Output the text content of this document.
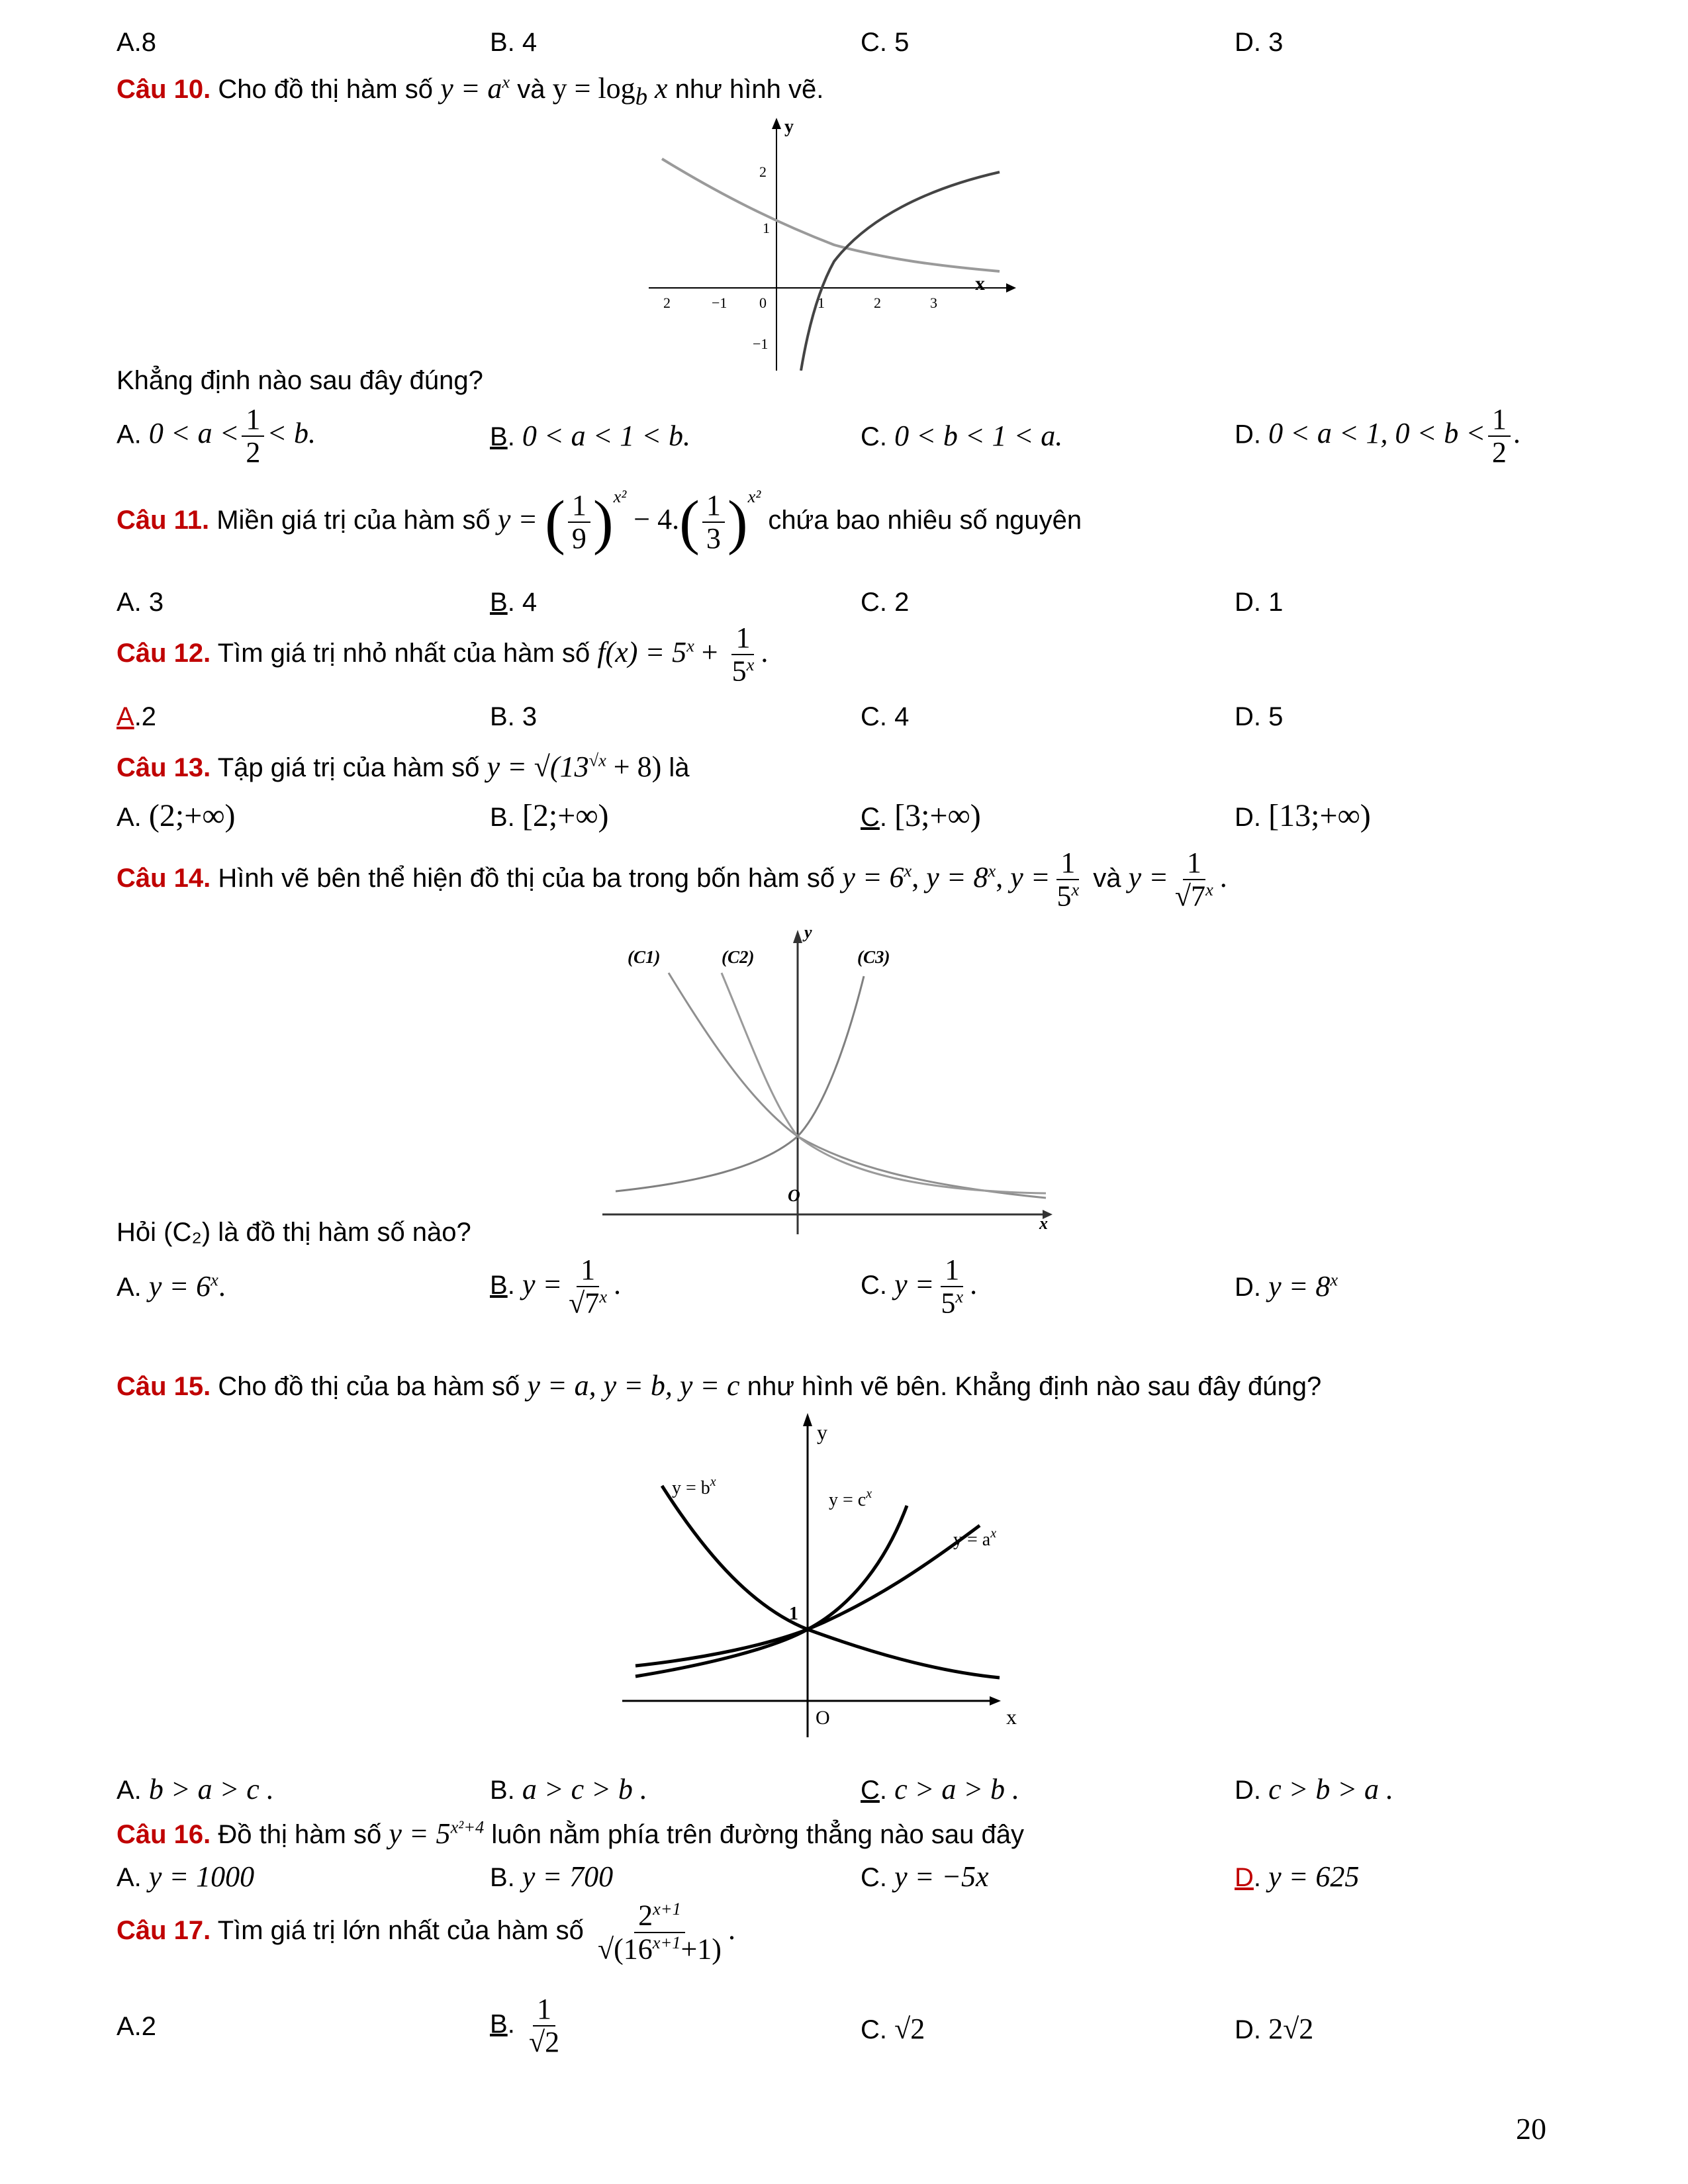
A.8	B. 4	C. 5	D. 3
Câu 10. Cho đồ thị hàm số $y = a^x$ và $y = \log_b x$ như hình vẽ.
y
x
2	−1 0	1	2	3
2
1
−1
Khẳng định nào sau đây đúng?
A. $0 < a < \frac{1}{2} < b$.	B. 0 < a < 1 < b.	C. 0 < b < 1 < a.	D. 0 < a < 1, $0 < b < \frac{1}{2}$ .
Câu 11. Miền giá trị của hàm số y = ( $\frac{1}{9} )^{x^2} - 4.( \frac{1}{3} )^{x^2}$ chứa bao nhiêu số nguyên
A. 3	B. 4	C. 2	D. 1
Câu 12. Tìm giá trị nhỏ nhất của hàm số $f(x) = 5^x + \frac{1}{5^x}$ .
A.2	B. 3	C. 4	D. 5
Câu 13. Tập giá trị của hàm số $y = √(13^{√x} + 8)$ là
A. (2;+∞)	B. [2;+∞)	C. [3;+∞)	D. [13;+∞)
Câu 14. Hình vẽ bên thể hiện đồ thị của ba trong bốn hàm số $y = 6^x$, $y = 8^x$, $y = \frac{1}{5^x}$ và $y = \frac{1}{√7^x}$ .
y
x
O
(C1)	(C2)	(C3)
Hỏi (C₂) là đồ thị hàm số nào?
A. $y = 6^x$.	B. $y = \frac{1}{√7^x}$ .	C. $y = \frac{1}{5^x}$ .	D. $y = 8^x$
Câu 15. Cho đồ thị của ba hàm số y = a, y = b, y = c như hình vẽ bên. Khẳng định nào sau đây đúng?
y
x
O
1
$y = b^x$
$y = c^x$
$y = a^x$
A. b > a > c .	B. a > c > b .	C. c > a > b .	D. c > b > a .
Câu 16. Đồ thị hàm số $y = 5^{x^2+4}$ luôn nằm phía trên đường thẳng nào sau đây
A. y = 1000	B. y = 700	C. y = −5x	D. y = 625
Câu 17. Tìm giá trị lớn nhất của hàm số $\frac{2^{x+1}}{√(16^{x+1}+1)}$ .
A.2	B. $\frac{1}{√2}$	C. √2	D. 2√2
20
